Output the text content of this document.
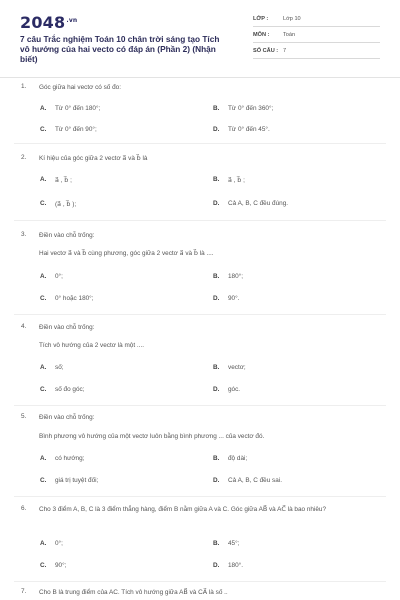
$2048^{.vn}$
7 câu Trắc nghiệm Toán 10 chân trời sáng tạo Tích vô hướng của hai vecto có đáp án (Phần 2) (Nhận biết)
LỚP :	Lớp 10
MÔN : Toán
SỐ CÂU : 7
1. Góc giữa hai vectơ có số đo:
A. Từ 0° đến 180°;	B. Từ 0° đến 360°;
C. Từ 0° đến 90°;	D. Từ 0° đến 45°.
2. Kí hiệu của góc giữa 2 vectơ a⃗ và b⃗ là
A. a⃗ , b⃗ ;	B. a⃗ , b⃗ ;
C. (a⃗ , b⃗ );	D. Cả A, B, C đều đúng.
3. Điền vào chỗ trống:
Hai vectơ a⃗ và b⃗ cùng phương, góc giữa 2 vectơ a⃗ và b⃗ là ....
A. 0°;	B. 180°;
C. 0° hoặc 180°;	D. 90°.
4. Điền vào chỗ trống:
Tích vô hướng của 2 vectơ là một ....
A. số;	B. vectơ;
C. số đo góc;	D. góc.
5. Điền vào chỗ trống:
Bình phương vô hướng của một vectơ luôn bằng bình phương ... của vectơ đó.
A. có hướng;	B. độ dài;
C. giá trị tuyệt đối;	D. Cả A, B, C đều sai.
6. Cho 3 điểm A, B, C là 3 điểm thẳng hàng, điểm B nằm giữa A và C. Góc giữa AB⃗ và AC⃗ là bao nhiêu?
A. 0°;	B. 45°;
C. 90°;	D. 180°.
7. Cho B là trung điểm của AC. Tích vô hướng giữa AB⃗ và CA⃗ là số ..
